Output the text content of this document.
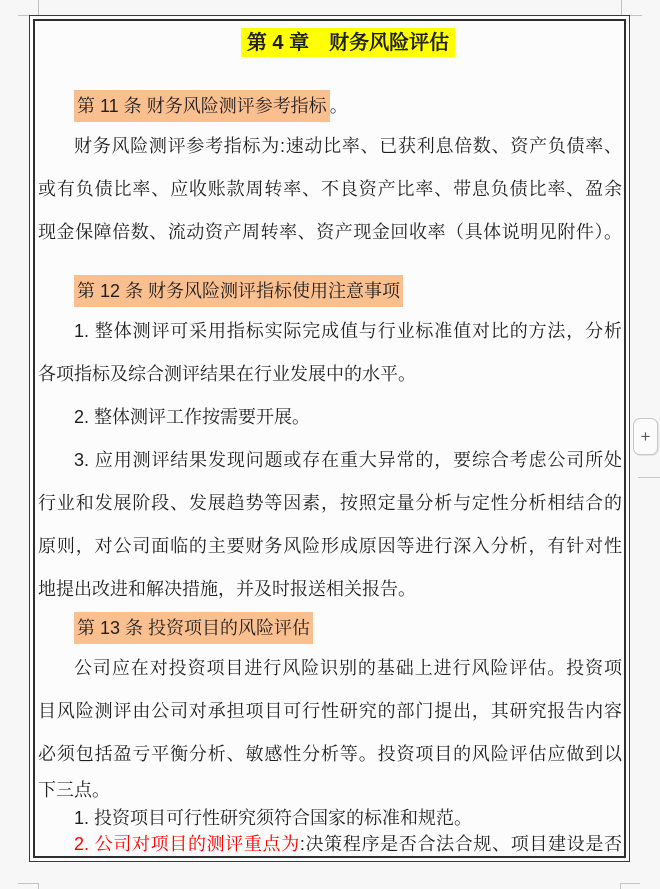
第 4 章　财务风险评估
第 11 条 财务风险测评参考指标 。
财务风险测评参考指标为:速动比率、已获利息倍数、资产负债率、
或有负债比率、应收账款周转率、不良资产比率、带息负债比率、盈余
现金保障倍数、流动资产周转率、资产现金回收率（具体说明见附件）。
第 12 条 财务风险测评指标使用注意事项
1. 整体测评可采用指标实际完成值与行业标准值对比的方法，分析
各项指标及综合测评结果在行业发展中的水平。
2. 整体测评工作按需要开展。
3. 应用测评结果发现问题或存在重大异常的，要综合考虑公司所处
行业和发展阶段、发展趋势等因素，按照定量分析与定性分析相结合的
原则，对公司面临的主要财务风险形成原因等进行深入分析，有针对性
地提出改进和解决措施，并及时报送相关报告。
第 13 条 投资项目的风险评估
公司应在对投资项目进行风险识别的基础上进行风险评估。投资项
目风险测评由公司对承担项目可行性研究的部门提出，其研究报告内容
必须包括盈亏平衡分析、敏感性分析等。投资项目的风险评估应做到以
下三点。
1. 投资项目可行性研究须符合国家的标准和规范。
2. 公司对项目的测评重点为:决策程序是否合法合规、项目建设是否
+
